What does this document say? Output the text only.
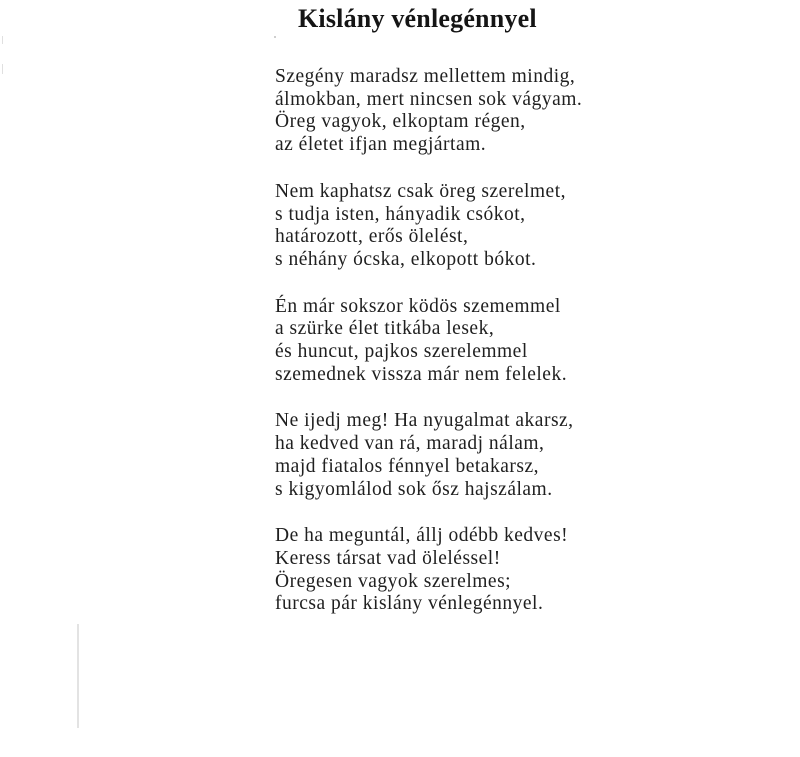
Kislány vénlegénnyel
Szegény maradsz mellettem mindig,
álmokban, mert nincsen sok vágyam.
Öreg vagyok, elkoptam régen,
az életet ifjan megjártam.
Nem kaphatsz csak öreg szerelmet,
s tudja isten, hányadik csókot,
határozott, erős ölelést,
s néhány ócska, elkopott bókot.
Én már sokszor ködös szememmel
a szürke élet titkába lesek,
és huncut, pajkos szerelemmel
szemednek vissza már nem felelek.
Ne ijedj meg! Ha nyugalmat akarsz,
ha kedved van rá, maradj nálam,
majd fiatalos fénnyel betakarsz,
s kigyomlálod sok ősz hajszálam.
De ha meguntál, állj odébb kedves!
Keress társat vad öleléssel!
Öregesen vagyok szerelmes;
furcsa pár kislány vénlegénnyel.
